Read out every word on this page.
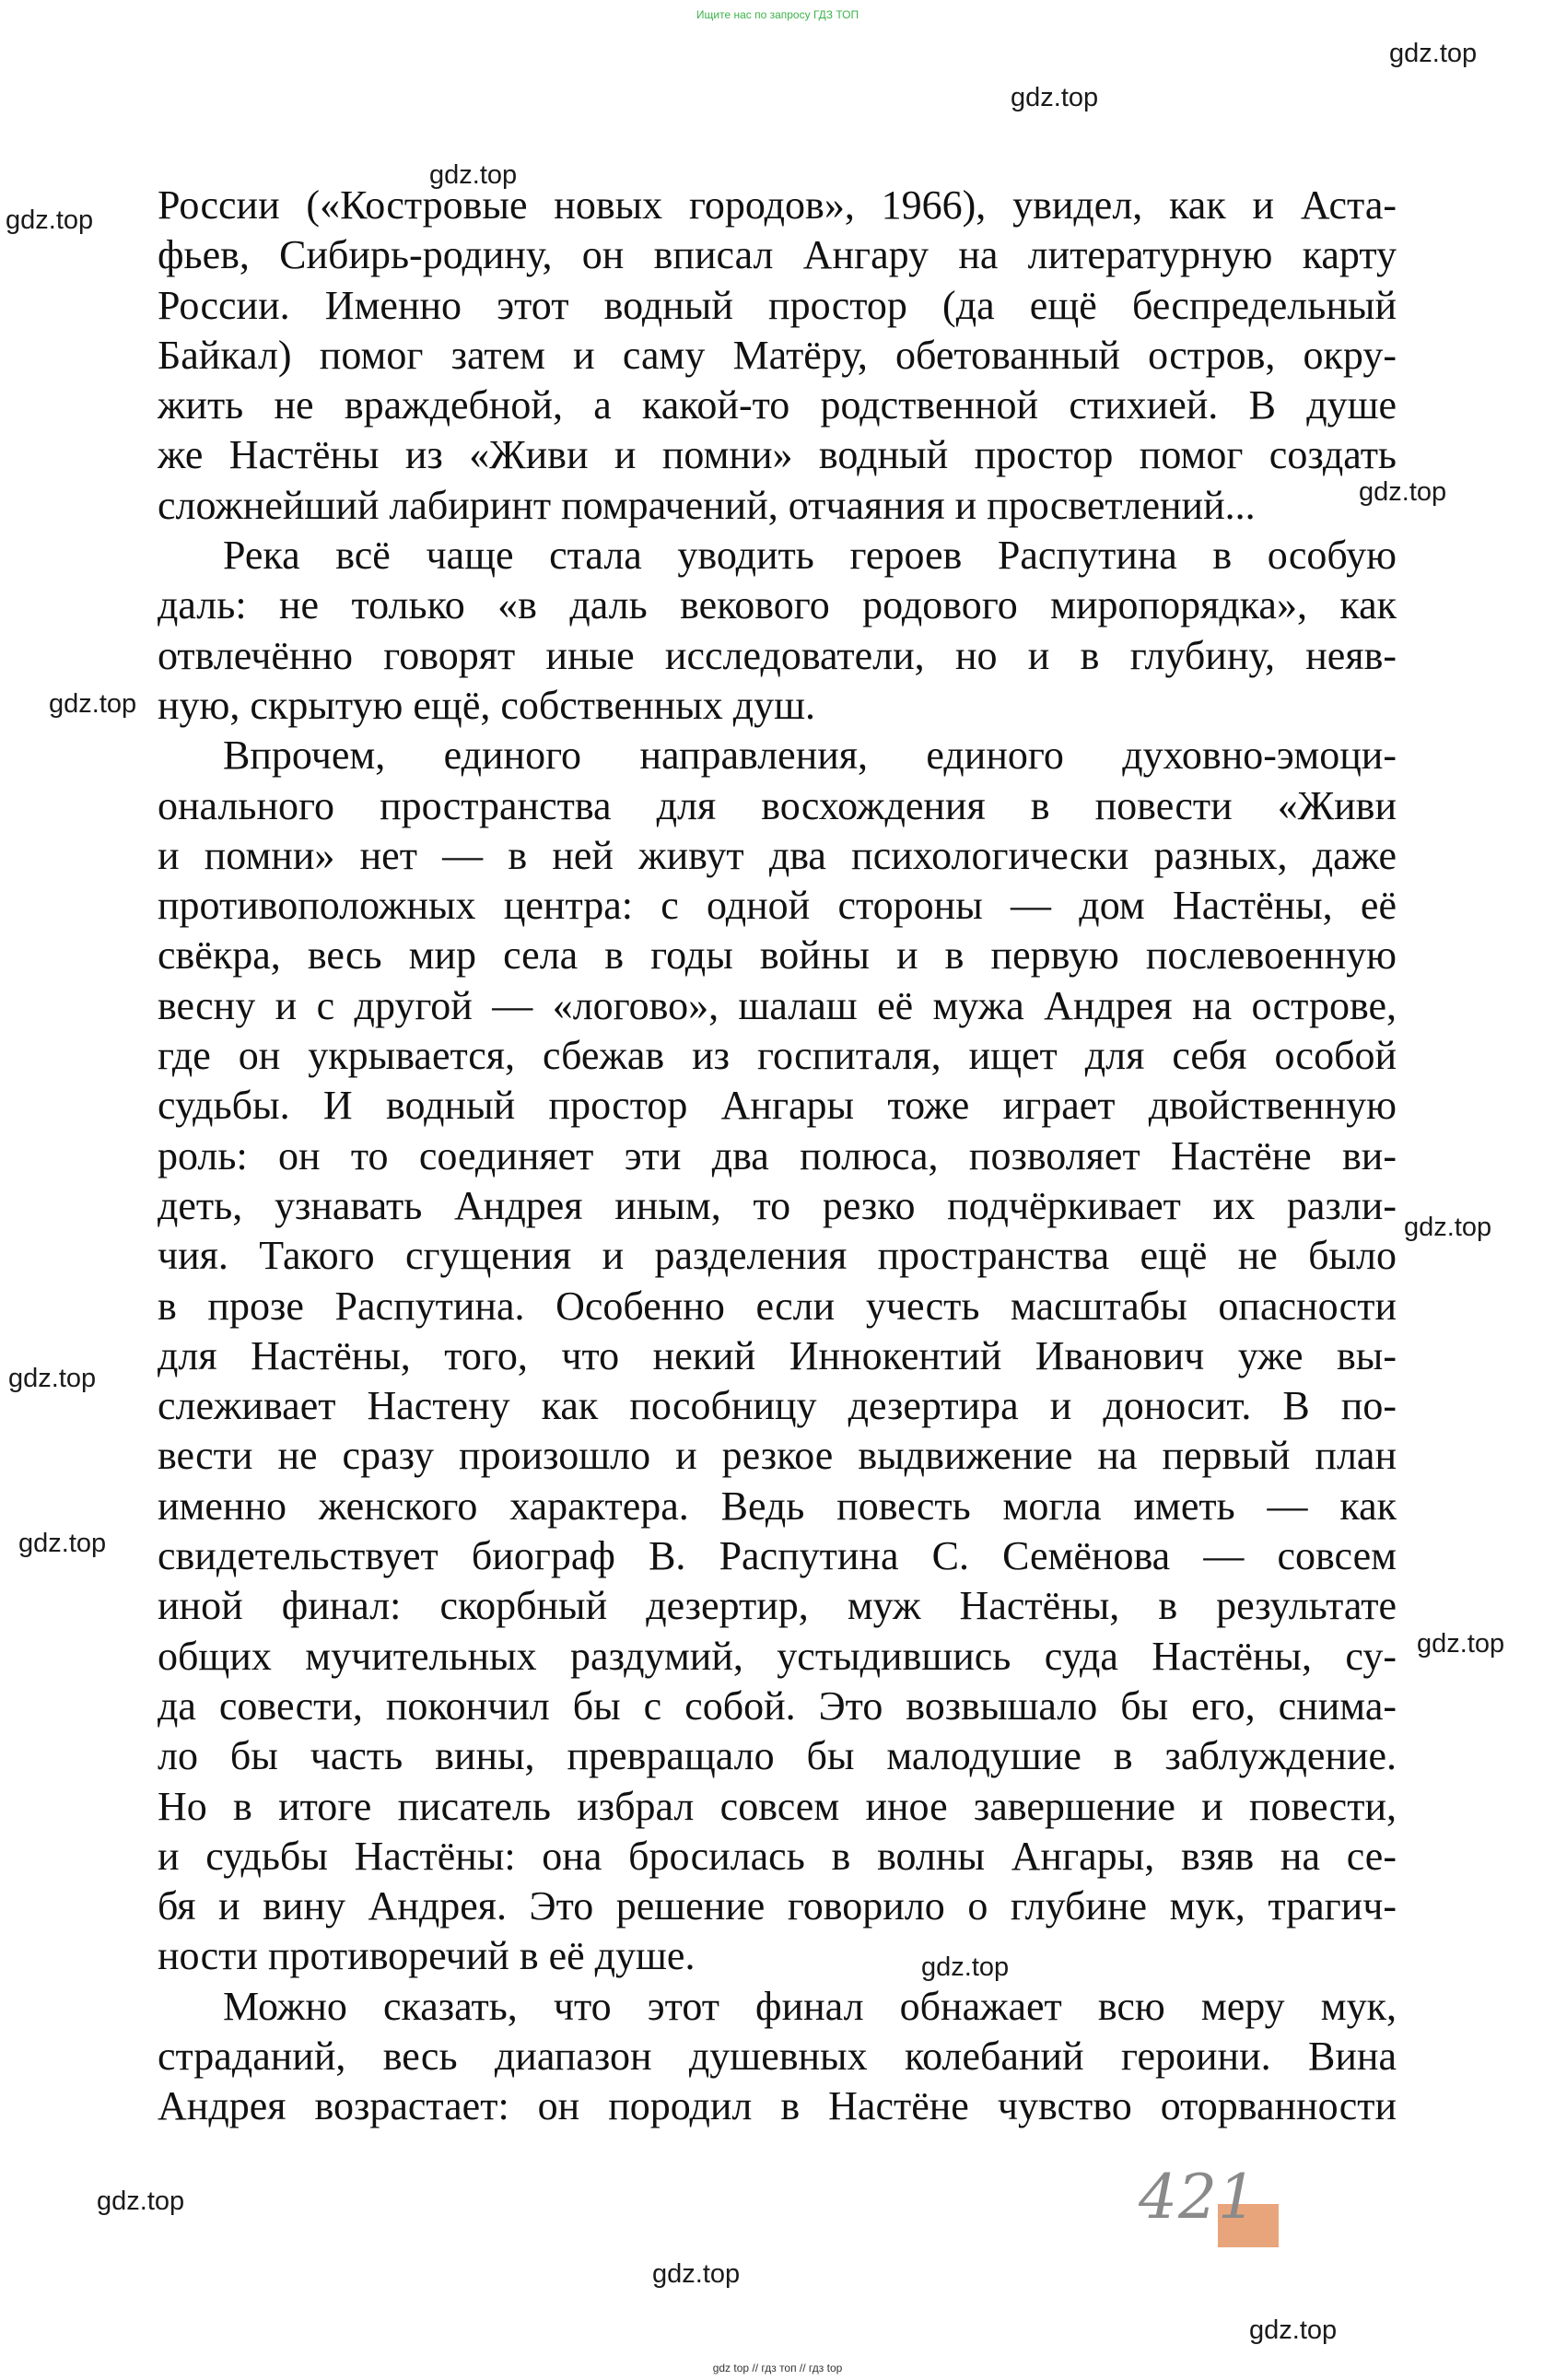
Ищите нас по запросу ГДЗ ТОП
gdz.top
gdz.top
gdz.top
gdz.top
gdz.top
gdz.top
gdz.top
gdz.top
gdz.top
gdz.top
gdz.top
gdz.top
gdz.top
gdz.top
России («Костровые новых городов», 1966), увидел, как и Аста-
фьев, Сибирь-родину, он вписал Ангару на литературную карту
России. Именно этот водный простор (да ещё беспредельный
Байкал) помог затем и саму Матёру, обетованный остров, окру-
жить не враждебной, а какой-то родственной стихией. В душе
же Настёны из «Живи и помни» водный простор помог создать
сложнейший лабиринт помрачений, отчаяния и просветлений...
Река всё чаще стала уводить героев Распутина в особую
даль: не только «в даль векового родового миропорядка», как
отвлечённо говорят иные исследователи, но и в глубину, неяв-
ную, скрытую ещё, собственных душ.
Впрочем, единого направления, единого духовно-эмоци-
онального пространства для восхождения в повести «Живи
и помни» нет — в ней живут два психологически разных, даже
противоположных центра: с одной стороны — дом Настёны, её
свёкра, весь мир села в годы войны и в первую послевоенную
весну и с другой — «логово», шалаш её мужа Андрея на острове,
где он укрывается, сбежав из госпиталя, ищет для себя особой
судьбы. И водный простор Ангары тоже играет двойственную
роль: он то соединяет эти два полюса, позволяет Настёне ви-
деть, узнавать Андрея иным, то резко подчёркивает их разли-
чия. Такого сгущения и разделения пространства ещё не было
в прозе Распутина. Особенно если учесть масштабы опасности
для Настёны, того, что некий Иннокентий Иванович уже вы-
слеживает Настену как пособницу дезертира и доносит. В по-
вести не сразу произошло и резкое выдвижение на первый план
именно женского характера. Ведь повесть могла иметь — как
свидетельствует биограф В. Распутина С. Семёнова — совсем
иной финал: скорбный дезертир, муж Настёны, в результате
общих мучительных раздумий, устыдившись суда Настёны, су-
да совести, покончил бы с собой. Это возвышало бы его, снима-
ло бы часть вины, превращало бы малодушие в заблуждение.
Но в итоге писатель избрал совсем иное завершение и повести,
и судьбы Настёны: она бросилась в волны Ангары, взяв на се-
бя и вину Андрея. Это решение говорило о глубине мук, трагич-
ности противоречий в её душе.
Можно сказать, что этот финал обнажает всю меру мук,
страданий, весь диапазон душевных колебаний героини. Вина
Андрея возрастает: он породил в Настёне чувство оторванности
421
gdz top // гдз топ // гдз top
